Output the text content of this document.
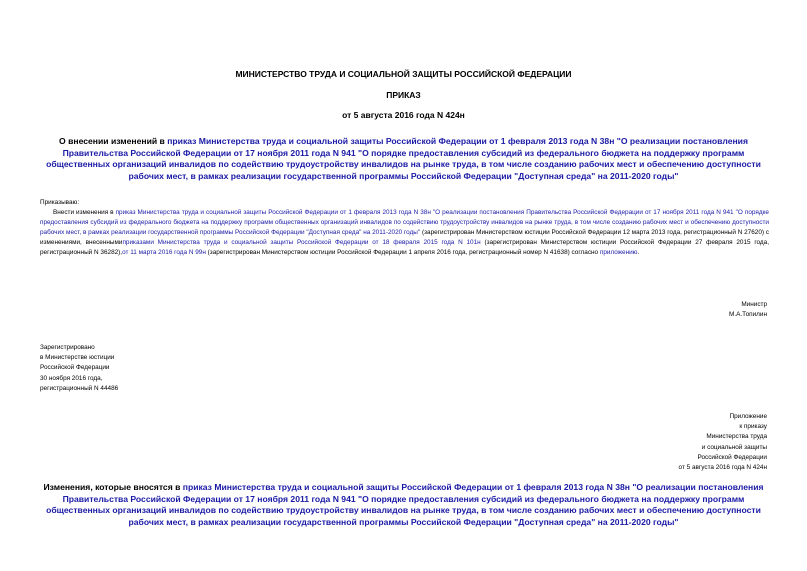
МИНИСТЕРСТВО ТРУДА И СОЦИАЛЬНОЙ ЗАЩИТЫ РОССИЙСКОЙ ФЕДЕРАЦИИ
ПРИКАЗ
от 5 августа 2016 года N 424н
О внесении изменений в приказ Министерства труда и социальной защиты Российской Федерации от 1 февраля 2013 года N 38н "О реализации постановления Правительства Российской Федерации от 17 ноября 2011 года N 941 "О порядке предоставления субсидий из федерального бюджета на поддержку программ общественных организаций инвалидов по содействию трудоустройству инвалидов на рынке труда, в том числе созданию рабочих мест и обеспечению доступности рабочих мест, в рамках реализации государственной программы Российской Федерации "Доступная среда" на 2011-2020 годы"
Приказываю:
Внести изменения в приказ Министерства труда и социальной защиты Российской Федерации от 1 февраля 2013 года N 38н "О реализации постановления Правительства Российской Федерации от 17 ноября 2011 года N 941 "О порядке предоставления субсидий из федерального бюджета на поддержку программ общественных организаций инвалидов по содействию трудоустройству инвалидов на рынке труда, в том числе созданию рабочих мест и обеспечению доступности рабочих мест, в рамках реализации государственной программы Российской Федерации "Доступная среда" на 2011-2020 годы" (зарегистрирован Министерством юстиции Российской Федерации 12 марта 2013 года, регистрационный N 27620) с изменениями, внесеннымиприказами Министерства труда и социальной защиты Российской Федерации от 18 февраля 2015 года N 101н (зарегистрирован Министерством юстиции Российской Федерации 27 февраля 2015 года, регистрационный N 36282),от 11 марта 2016 года N 99н (зарегистрирован Министерством юстиции Российской Федерации 1 апреля 2016 года, регистрационный номер N 41638) согласно приложению.
Министр
М.А.Топилин
Зарегистрировано
в Министерстве юстиции
Российской Федерации
30 ноября 2016 года,
регистрационный N 44486
Приложение
к приказу
Министерства труда
и социальной защиты
Российской Федерации
от 5 августа 2016 года N 424н
Изменения, которые вносятся в приказ Министерства труда и социальной защиты Российской Федерации от 1 февраля 2013 года N 38н "О реализации постановления Правительства Российской Федерации от 17 ноября 2011 года N 941 "О порядке предоставления субсидий из федерального бюджета на поддержку программ общественных организаций инвалидов по содействию трудоустройству инвалидов на рынке труда, в том числе созданию рабочих мест и обеспечению доступности рабочих мест, в рамках реализации государственной программы Российской Федерации "Доступная среда" на 2011-2020 годы"
